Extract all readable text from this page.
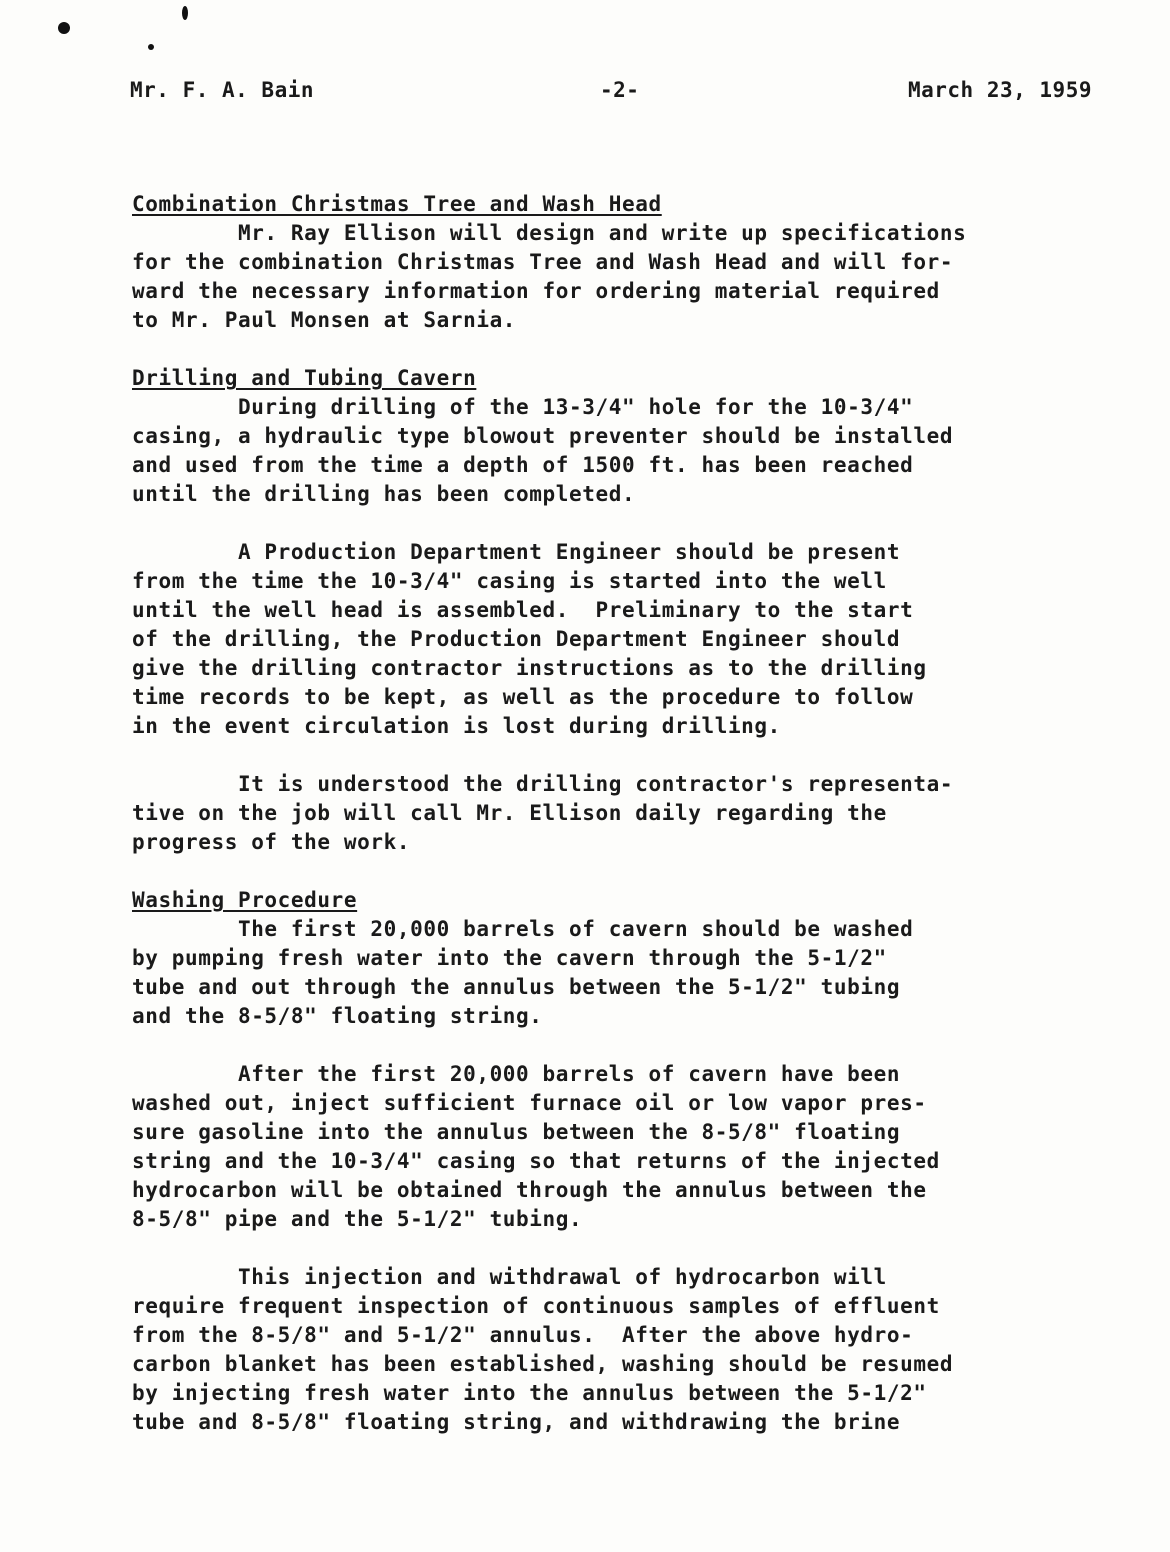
Mr. F. A. Bain	-2-	March 23, 1959
Combination Christmas Tree and Wash Head
Mr. Ray Ellison will design and write up specifications
for the combination Christmas Tree and Wash Head and will for-
ward the necessary information for ordering material required
to Mr. Paul Monsen at Sarnia.
Drilling and Tubing Cavern
During drilling of the 13-3/4" hole for the 10-3/4"
casing, a hydraulic type blowout preventer should be installed
and used from the time a depth of 1500 ft. has been reached
until the drilling has been completed.
A Production Department Engineer should be present
from the time the 10-3/4" casing is started into the well
until the well head is assembled.  Preliminary to the start
of the drilling, the Production Department Engineer should
give the drilling contractor instructions as to the drilling
time records to be kept, as well as the procedure to follow
in the event circulation is lost during drilling.
It is understood the drilling contractor's representa-
tive on the job will call Mr. Ellison daily regarding the
progress of the work.
Washing Procedure
The first 20,000 barrels of cavern should be washed
by pumping fresh water into the cavern through the 5-1/2"
tube and out through the annulus between the 5-1/2" tubing
and the 8-5/8" floating string.
After the first 20,000 barrels of cavern have been
washed out, inject sufficient furnace oil or low vapor pres-
sure gasoline into the annulus between the 8-5/8" floating
string and the 10-3/4" casing so that returns of the injected
hydrocarbon will be obtained through the annulus between the
8-5/8" pipe and the 5-1/2" tubing.
This injection and withdrawal of hydrocarbon will
require frequent inspection of continuous samples of effluent
from the 8-5/8" and 5-1/2" annulus.  After the above hydro-
carbon blanket has been established, washing should be resumed
by injecting fresh water into the annulus between the 5-1/2"
tube and 8-5/8" floating string, and withdrawing the brine
